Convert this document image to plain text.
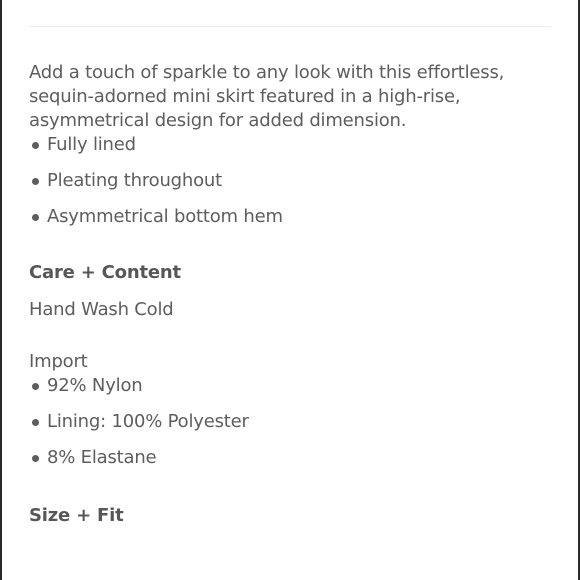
Add a touch of sparkle to any look with this effortless, sequin-adorned mini skirt featured in a high-rise, asymmetrical design for added dimension.

Fully lined
Pleating throughout
Asymmetrical bottom hem
Care + Content

Hand Wash Cold

Import

92% Nylon
Lining: 100% Polyester
8% Elastane
Size + Fit
